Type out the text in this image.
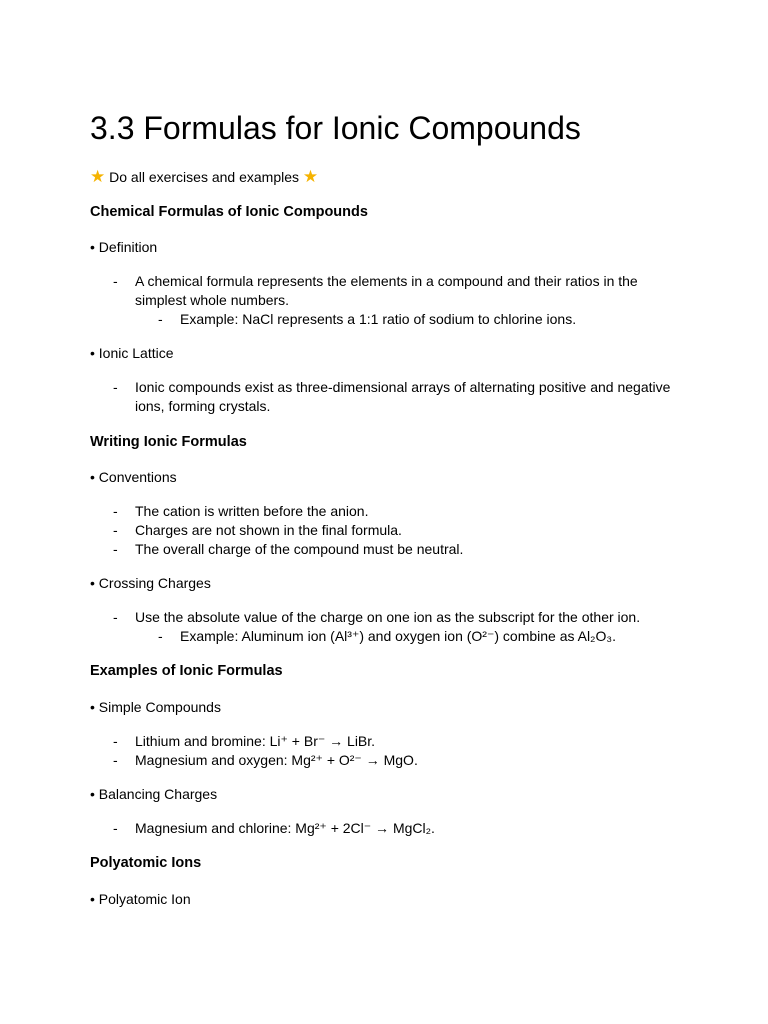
3.3 Formulas for Ionic Compounds
★ Do all exercises and examples ★
Chemical Formulas of Ionic Compounds
• Definition
- A chemical formula represents the elements in a compound and their ratios in the simplest whole numbers.
- Example: NaCl represents a 1:1 ratio of sodium to chlorine ions.
• Ionic Lattice
- Ionic compounds exist as three-dimensional arrays of alternating positive and negative ions, forming crystals.
Writing Ionic Formulas
• Conventions
- The cation is written before the anion.
- Charges are not shown in the final formula.
- The overall charge of the compound must be neutral.
• Crossing Charges
- Use the absolute value of the charge on one ion as the subscript for the other ion.
- Example: Aluminum ion (Al³⁺) and oxygen ion (O²⁻) combine as Al₂O₃.
Examples of Ionic Formulas
• Simple Compounds
- Lithium and bromine: Li⁺ + Br⁻ → LiBr.
- Magnesium and oxygen: Mg²⁺ + O²⁻ → MgO.
• Balancing Charges
- Magnesium and chlorine: Mg²⁺ + 2Cl⁻ → MgCl₂.
Polyatomic Ions
• Polyatomic Ion
